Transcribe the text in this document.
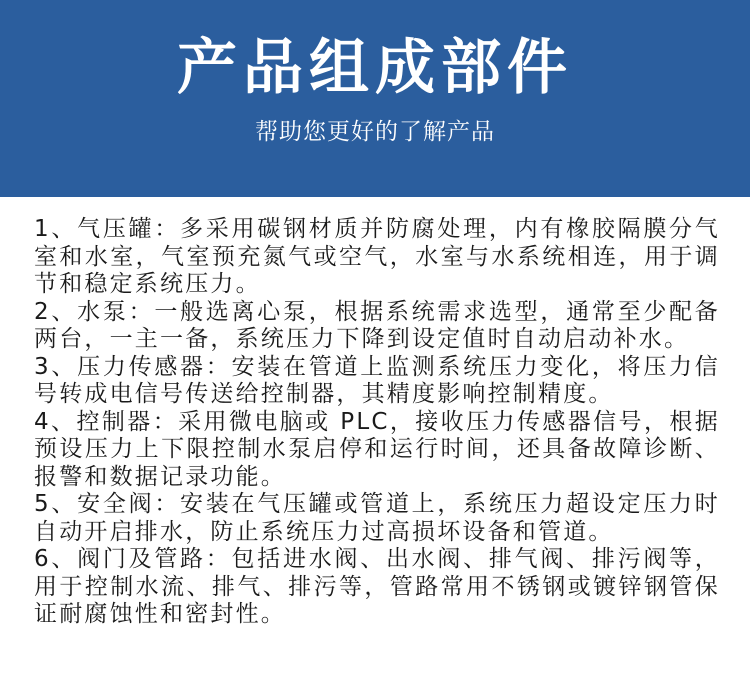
产品组成部件
帮助您更好的了解产品

1、气压罐：多采用碳钢材质并防腐处理，内有橡胶隔膜分气室和水室，气室预充氮气或空气，水室与水系统相连，用于调节和稳定系统压力。

2、水泵：一般选离心泵，根据系统需求选型，通常至少配备两台，一主一备，系统压力下降到设定值时自动启动补水。

3、压力传感器：安装在管道上监测系统压力变化，将压力信号转成电信号传送给控制器，其精度影响控制精度。

4、控制器：采用微电脑或 PLC，接收压力传感器信号，根据预设压力上下限控制水泵启停和运行时间，还具备故障诊断、报警和数据记录功能。

5、安全阀：安装在气压罐或管道上，系统压力超设定压力时自动开启排水，防止系统压力过高损坏设备和管道。

6、阀门及管路：包括进水阀、出水阀、排气阀、排污阀等，用于控制水流、排气、排污等，管路常用不锈钢或镀锌钢管保证耐腐蚀性和密封性。
